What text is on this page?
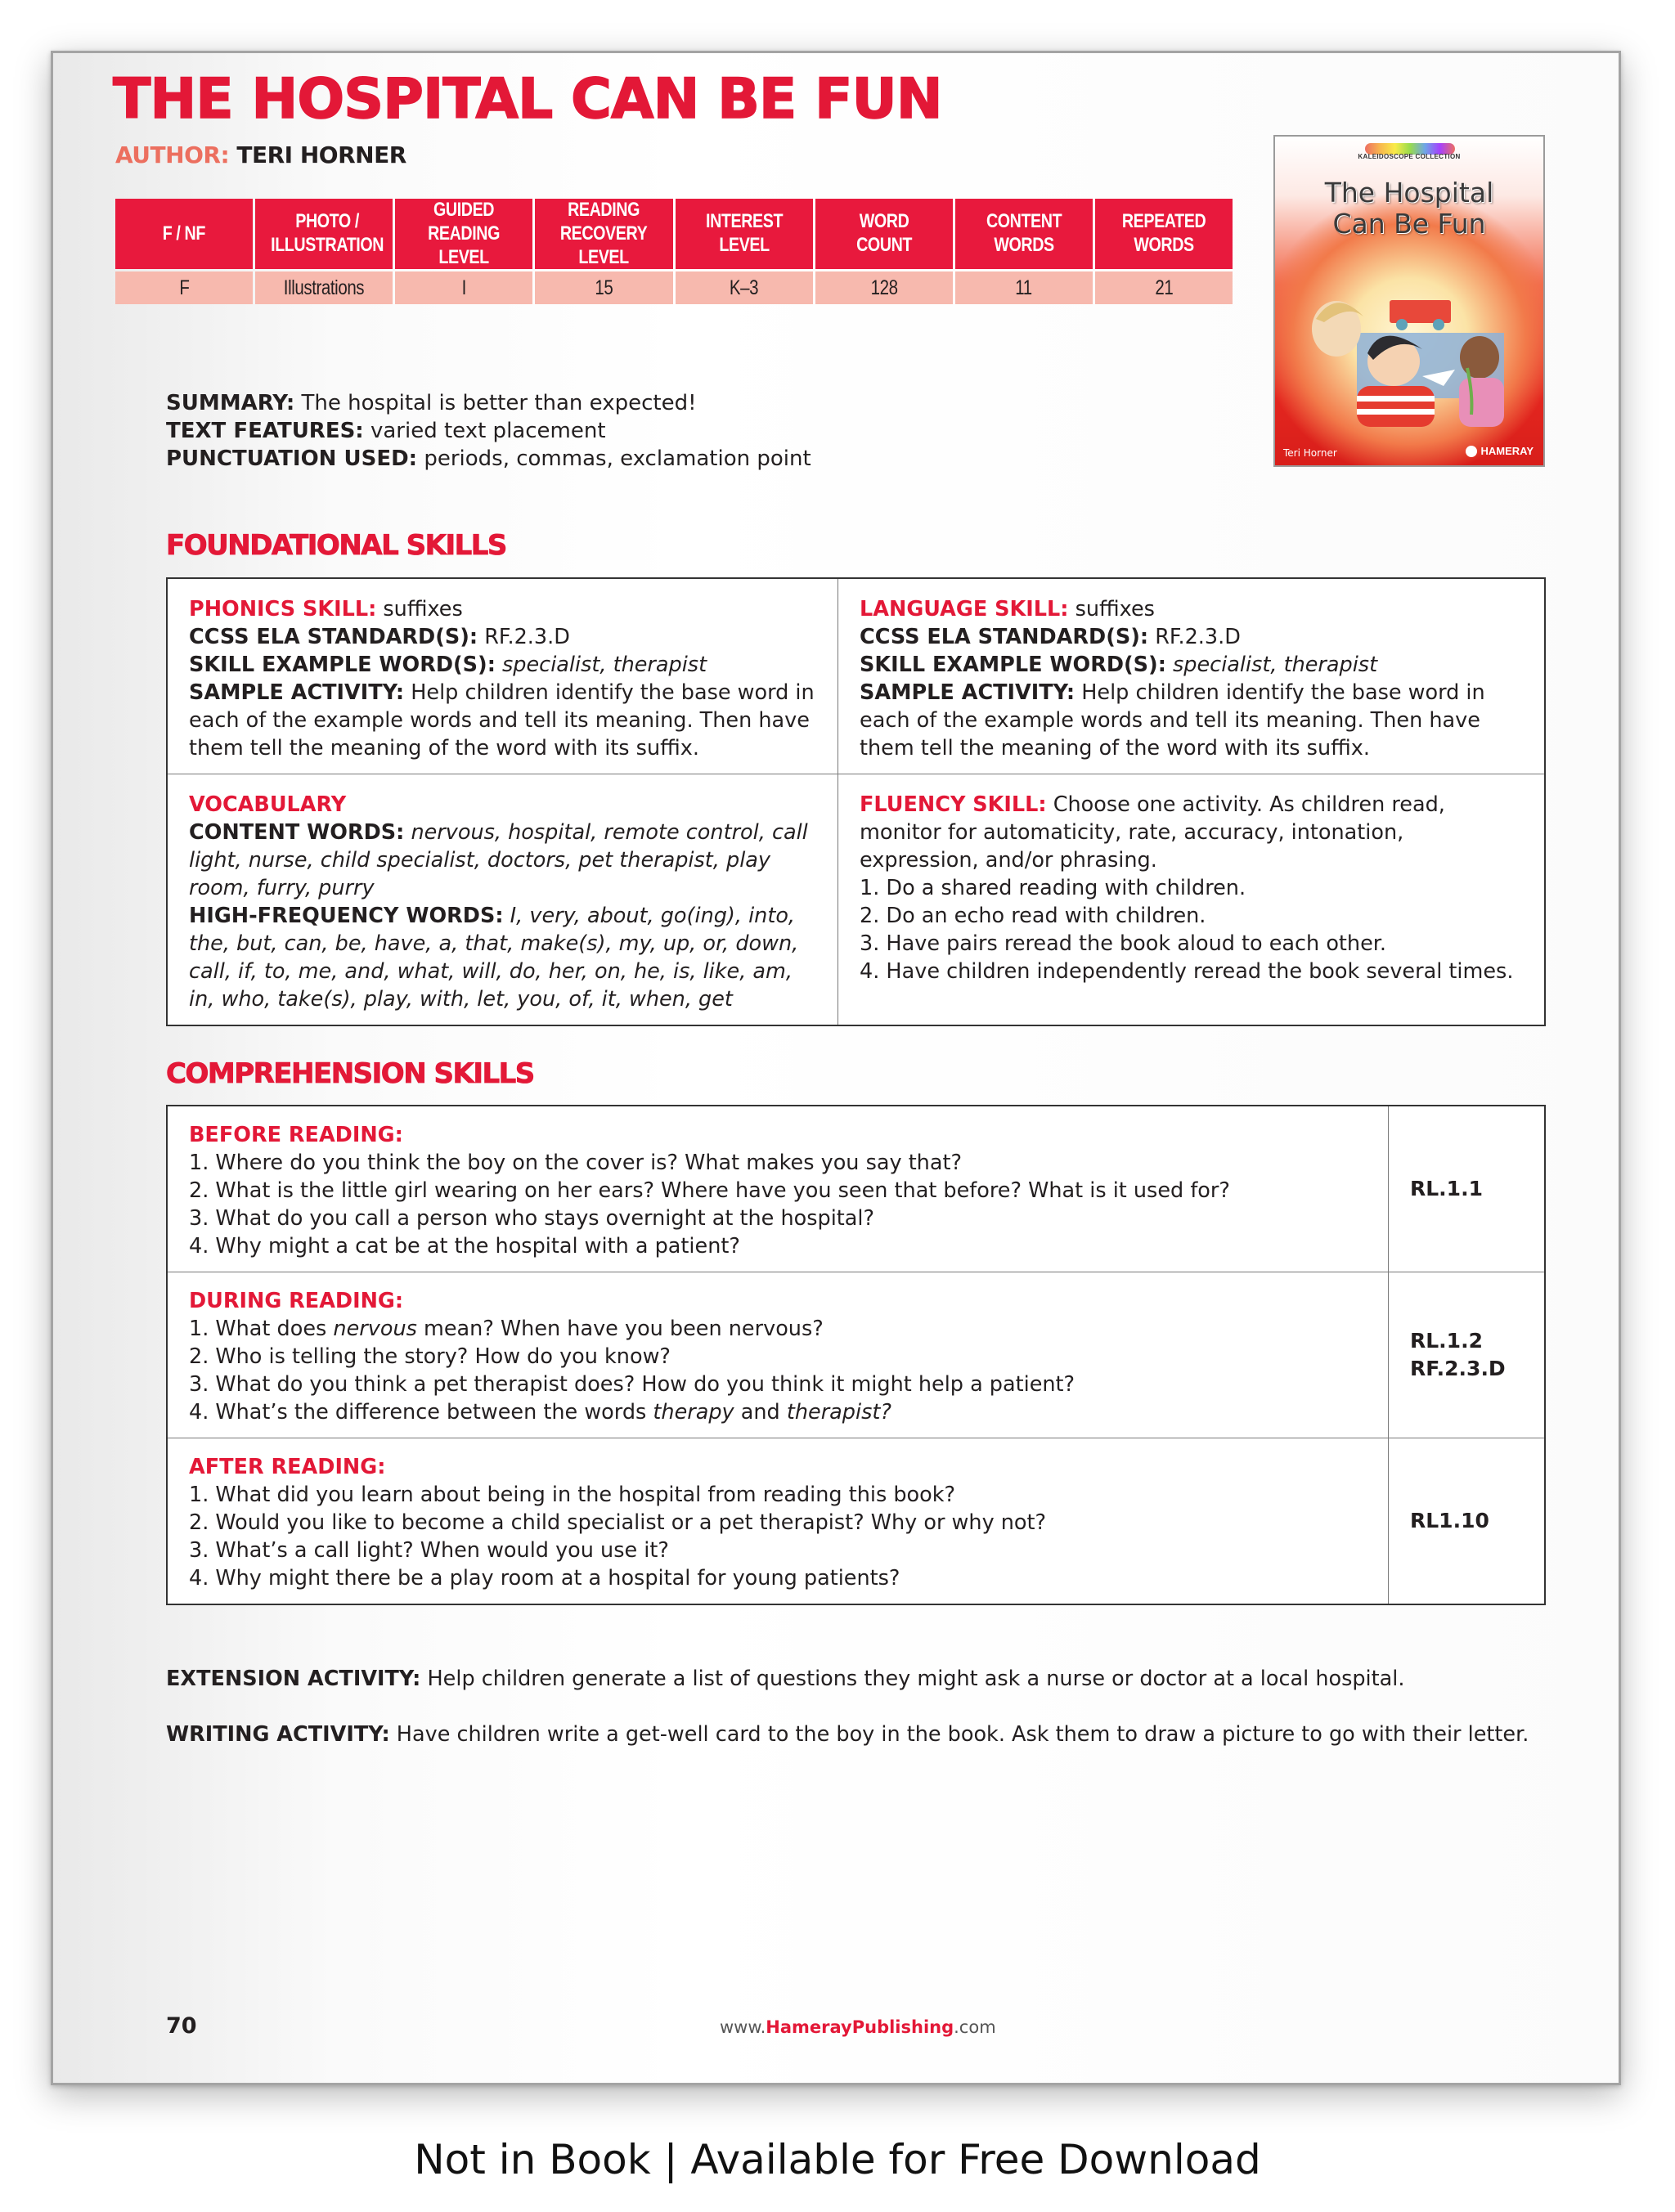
THE HOSPITAL CAN BE FUN
AUTHOR: TERI HORNER
F / NF	PHOTO / ILLUSTRATION	GUIDED READING LEVEL	READING RECOVERY LEVEL	INTEREST LEVEL	WORD COUNT	CONTENT WORDS	REPEATED WORDS
F	Illustrations	I	15	K–3	128	11	21
KALEIDOSCOPE COLLECTION
The Hospital
Can Be Fun
Teri Horner	HAMERAY
SUMMARY: The hospital is better than expected!
TEXT FEATURES: varied text placement
PUNCTUATION USED: periods, commas, exclamation point
FOUNDATIONAL SKILLS
PHONICS SKILL: suffixes
CCSS ELA STANDARD(S): RF.2.3.D
SKILL EXAMPLE WORD(S): specialist, therapist
SAMPLE ACTIVITY: Help children identify the base word in each of the example words and tell its meaning. Then have them tell the meaning of the word with its suffix.
LANGUAGE SKILL: suffixes
CCSS ELA STANDARD(S): RF.2.3.D
SKILL EXAMPLE WORD(S): specialist, therapist
SAMPLE ACTIVITY: Help children identify the base word in each of the example words and tell its meaning. Then have them tell the meaning of the word with its suffix.
VOCABULARY
CONTENT WORDS: nervous, hospital, remote control, call light, nurse, child specialist, doctors, pet therapist, play room, furry, purry
HIGH-FREQUENCY WORDS: I, very, about, go(ing), into, the, but, can, be, have, a, that, make(s), my, up, or, down, call, if, to, me, and, what, will, do, her, on, he, is, like, am, in, who, take(s), play, with, let, you, of, it, when, get
FLUENCY SKILL: Choose one activity. As children read, monitor for automaticity, rate, accuracy, intonation, expression, and/or phrasing.
1. Do a shared reading with children.
2. Do an echo read with children.
3. Have pairs reread the book aloud to each other.
4. Have children independently reread the book several times.
COMPREHENSION SKILLS
BEFORE READING:
1. Where do you think the boy on the cover is? What makes you say that?
2. What is the little girl wearing on her ears? Where have you seen that before? What is it used for?
3. What do you call a person who stays overnight at the hospital?
4. Why might a cat be at the hospital with a patient?
RL.1.1
DURING READING:
1. What does nervous mean? When have you been nervous?
2. Who is telling the story? How do you know?
3. What do you think a pet therapist does? How do you think it might help a patient?
4. What’s the difference between the words therapy and therapist?
RL.1.2
RF.2.3.D
AFTER READING:
1. What did you learn about being in the hospital from reading this book?
2. Would you like to become a child specialist or a pet therapist? Why or why not?
3. What’s a call light? When would you use it?
4. Why might there be a play room at a hospital for young patients?
RL1.10
EXTENSION ACTIVITY: Help children generate a list of questions they might ask a nurse or doctor at a local hospital.
WRITING ACTIVITY: Have children write a get-well card to the boy in the book. Ask them to draw a picture to go with their letter.
70	www.HamerayPublishing.com
Not in Book | Available for Free Download
